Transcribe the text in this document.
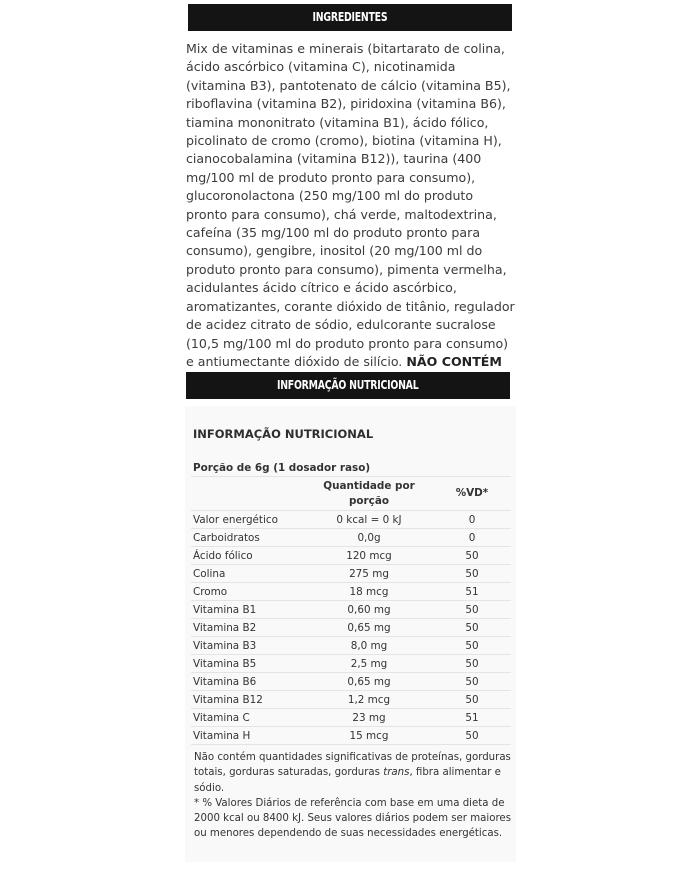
INGREDIENTES
Mix de vitaminas e minerais (bitartarato de colina, ácido ascórbico (vitamina C), nicotinamida (vitamina B3), pantotenato de cálcio (vitamina B5), riboflavina (vitamina B2), piridoxina (vitamina B6), tiamina mononitrato (vitamina B1), ácido fólico, picolinato de cromo (cromo), biotina (vitamina H), cianocobalamina (vitamina B12)), taurina (400 mg/100 ml de produto pronto para consumo), glucoronolactona (250 mg/100 ml do produto pronto para consumo), chá verde, maltodextrina, cafeína (35 mg/100 ml do produto pronto para consumo), gengibre, inositol (20 mg/100 ml do produto pronto para consumo), pimenta vermelha, acidulantes ácido cítrico e ácido ascórbico, aromatizantes, corante dióxido de titânio, regulador de acidez citrato de sódio, edulcorante sucralose (10,5 mg/100 ml do produto pronto para consumo) e antiumectante dióxido de silício. NÃO CONTÉM
INFORMAÇÃO NUTRICIONAL
INFORMAÇÃO NUTRICIONAL
Porção de 6g (1 dosador raso)		
	Quantidade por porção	%VD*
Valor energético	0 kcal = 0 kJ	0
Carboidratos	0,0g	0
Ácido fólico	120 mcg	50
Colina	275 mg	50
Cromo	18 mcg	51
Vitamina B1	0,60 mg	50
Vitamina B2	0,65 mg	50
Vitamina B3	8,0 mg	50
Vitamina B5	2,5 mg	50
Vitamina B6	0,65 mg	50
Vitamina B12	1,2 mcg	50
Vitamina C	23 mg	51
Vitamina H	15 mcg	50
Não contém quantidades significativas de proteínas, gorduras totais, gorduras saturadas, gorduras trans, fibra alimentar e sódio.
* % Valores Diários de referência com base em uma dieta de 2000 kcal ou 8400 kJ. Seus valores diários podem ser maiores ou menores dependendo de suas necessidades energéticas.
